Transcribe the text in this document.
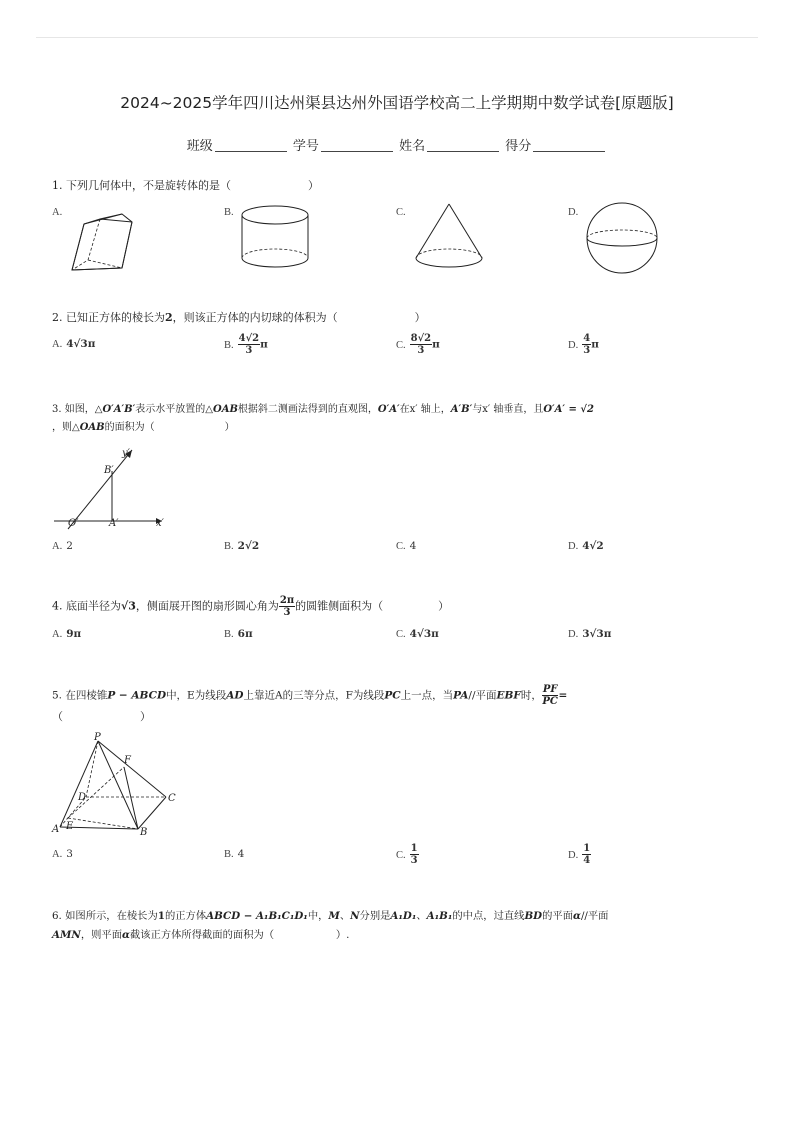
2024~2025学年四川达州渠县达州外国语学校高二上学期期中数学试卷[原题版]
班级	学号	姓名	得分
1. 下列几何体中，不是旋转体的是（　　　　　　　）
A.	B.	C.	D.
2. 已知正方体的棱长为2，则该正方体的内切球的体积为（　　　　　　　）
A. 4√3π	B. $\frac{4√2}{3}$ π	C. $\frac{8√2}{3}$ π	D. $\frac{4}{3}$ π
3. 如图，△O′A′B′表示水平放置的△OAB根据斜二测画法得到的直观图，O′A′在x′ 轴上，A′B′与x′ 轴垂直，且O′A′ = √2
，则△OAB的面积为（　　　　　　　）
y′
B′
O′	A′	x′
A. 2	B. 2√2	C. 4	D. 4√2
4. 底面半径为√3，侧面展开图的扇形圆心角为 $\frac{2\pi}{3}$ 的圆锥侧面积为（　　　　　）
A. 9π	B. 6π	C. 4√3π	D. 3√3π
5. 在四棱锥P − ABCD中，E为线段AD上靠近A的三等分点，F为线段PC上一点，当PA//平面EBF时， $\frac{PF}{PC}$ =
（　　　　　　　）
P
F
D	C
A E
B
A. 3	B. 4	C. $\frac{1}{3}$	D. $\frac{1}{4}$
6. 如图所示，在棱长为1的正方体ABCD − A₁B₁C₁D₁中，M、N分别是A₁D₁、A₁B₁的中点，过直线BD的平面α//平面
AMN，则平面α截该正方体所得截面的面积为（　　　　　　）.
